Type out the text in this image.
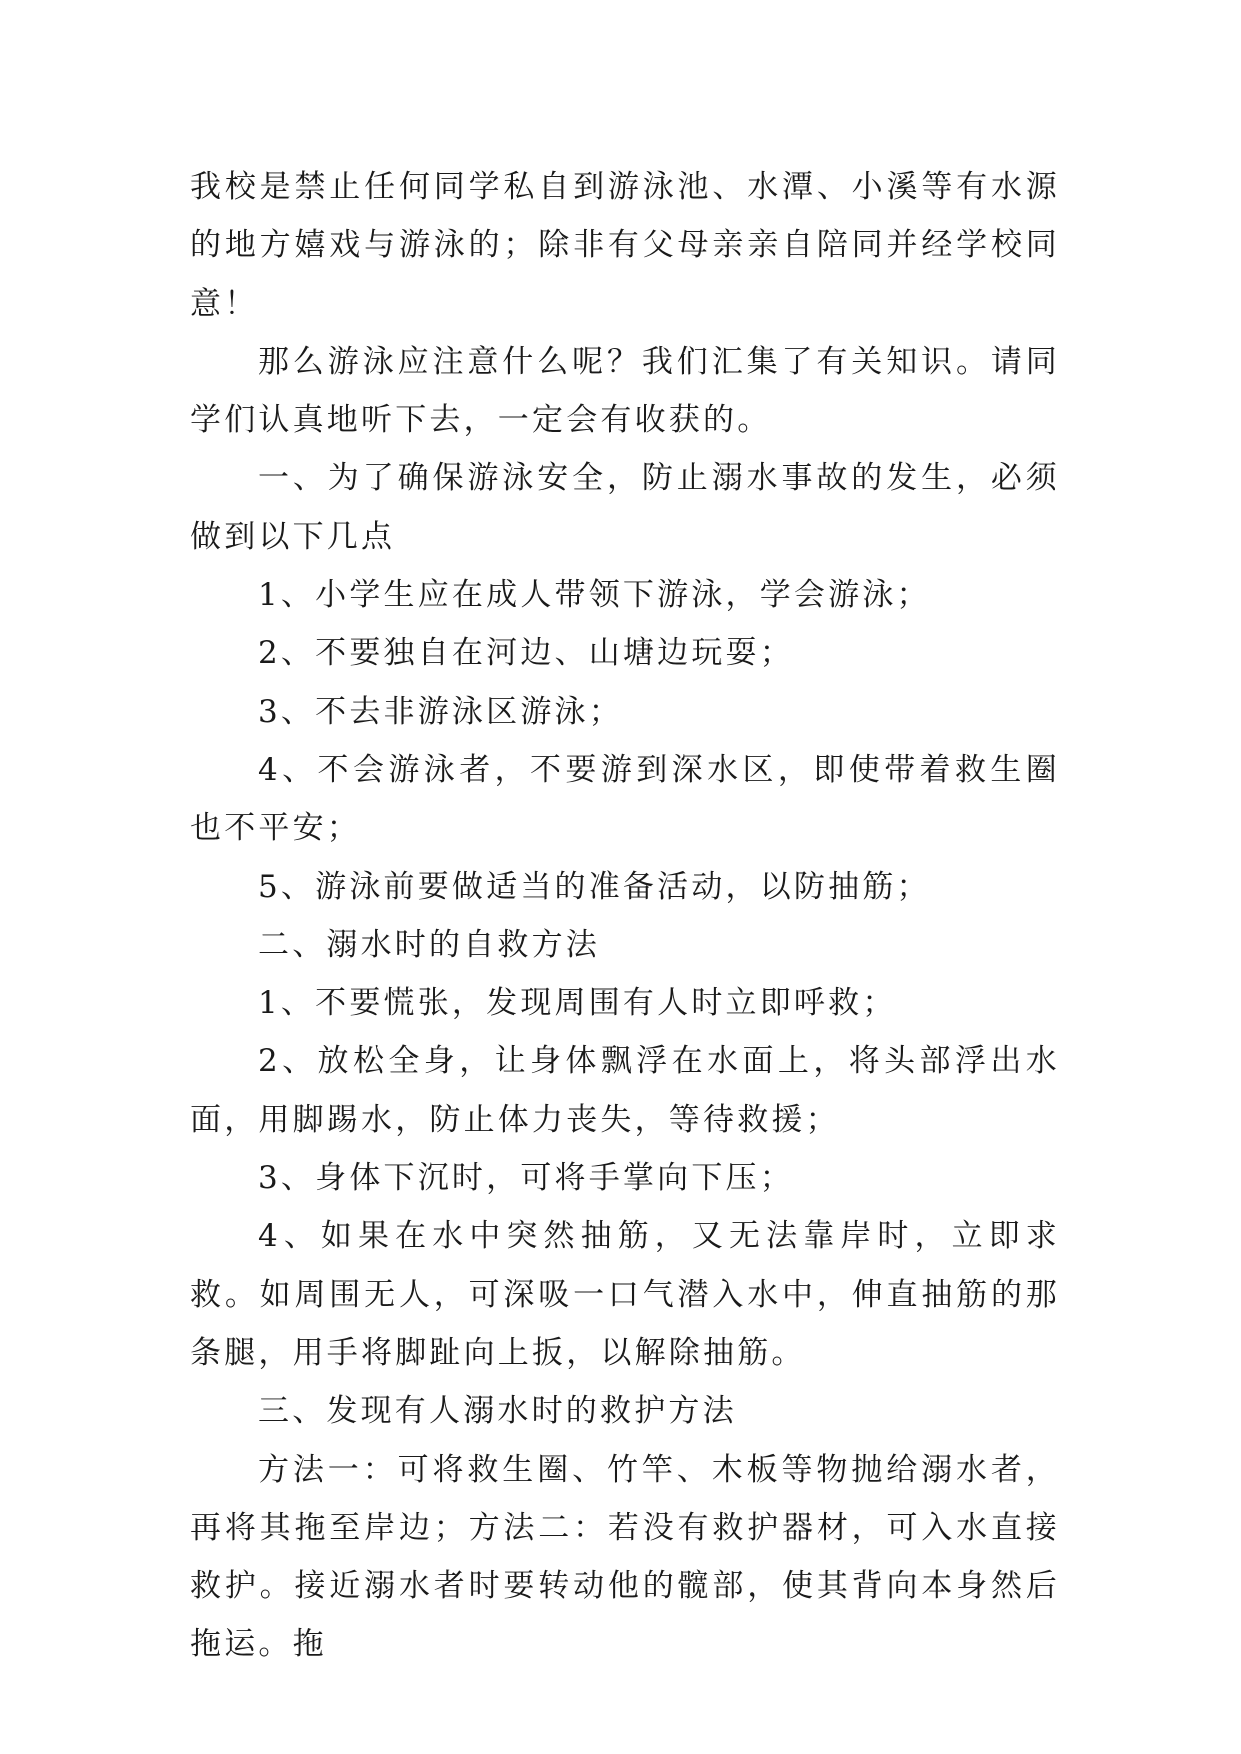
我校是禁止任何同学私自到游泳池、水潭、小溪等有水源的地方嬉戏与游泳的；除非有父母亲亲自陪同并经学校同意！

那么游泳应注意什么呢？我们汇集了有关知识。请同学们认真地听下去，一定会有收获的。

一、为了确保游泳安全，防止溺水事故的发生，必须做到以下几点

1、小学生应在成人带领下游泳，学会游泳；

2、不要独自在河边、山塘边玩耍；

3、不去非游泳区游泳；

4、不会游泳者，不要游到深水区，即使带着救生圈也不平安；

5、游泳前要做适当的准备活动，以防抽筋；

二、溺水时的自救方法

1、不要慌张，发现周围有人时立即呼救；

2、放松全身，让身体飘浮在水面上，将头部浮出水面，用脚踢水，防止体力丧失，等待救援；

3、身体下沉时，可将手掌向下压；

4、如果在水中突然抽筋，又无法靠岸时，立即求救。如周围无人，可深吸一口气潜入水中，伸直抽筋的那条腿，用手将脚趾向上扳，以解除抽筋。

三、发现有人溺水时的救护方法

方法一：可将救生圈、竹竿、木板等物抛给溺水者，再将其拖至岸边；方法二：若没有救护器材，可入水直接救护。接近溺水者时要转动他的髋部，使其背向本身然后拖运。拖
